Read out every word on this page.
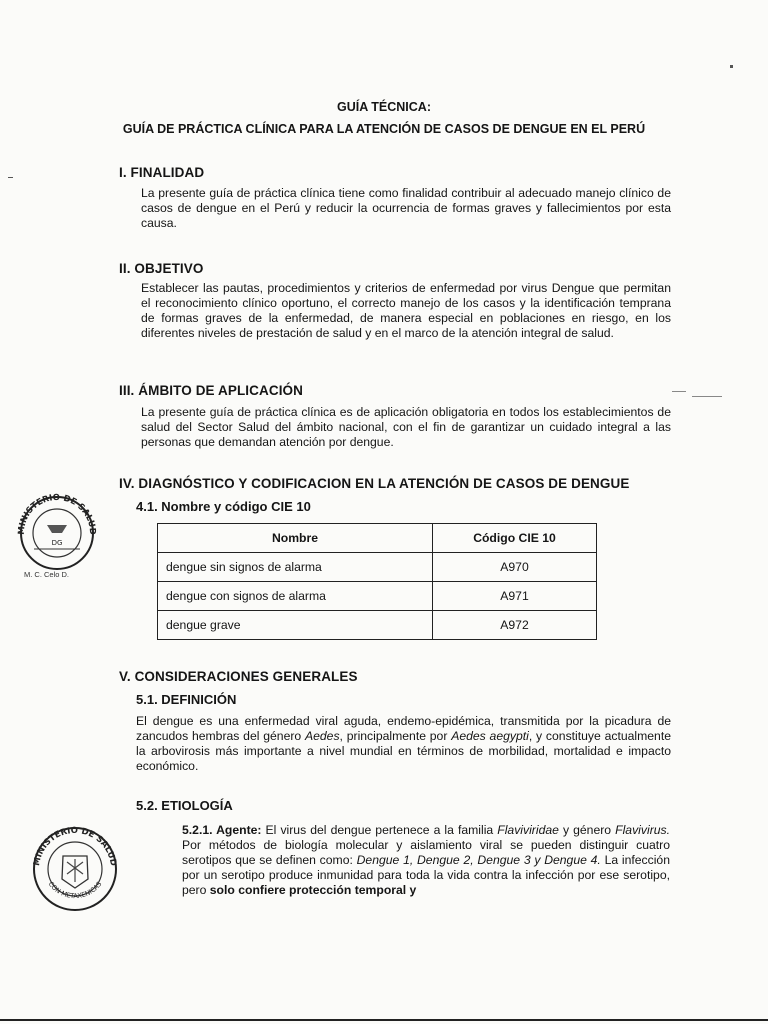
GUÍA TÉCNICA:
GUÍA DE PRÁCTICA CLÍNICA PARA LA ATENCIÓN DE CASOS DE DENGUE EN EL PERÚ
I. FINALIDAD

La presente guía de práctica clínica tiene como finalidad contribuir al adecuado manejo clínico de casos de dengue en el Perú y reducir la ocurrencia de formas graves y fallecimientos por esta causa.

II. OBJETIVO

Establecer las pautas, procedimientos y criterios de enfermedad por virus Dengue que permitan el reconocimiento clínico oportuno, el correcto manejo de los casos y la identificación temprana de formas graves de la enfermedad, de manera especial en poblaciones en riesgo, en los diferentes niveles de prestación de salud y en el marco de la atención integral de salud.

III. ÁMBITO DE APLICACIÓN

La presente guía de práctica clínica es de aplicación obligatoria en todos los establecimientos de salud del Sector Salud del ámbito nacional, con el fin de garantizar un cuidado integral a las personas que demandan atención por dengue.

IV. DIAGNÓSTICO Y CODIFICACION EN LA ATENCIÓN DE CASOS DE DENGUE
4.1. Nombre y código CIE 10
Nombre	Código CIE 10
dengue sin signos de alarma	A970
dengue con signos de alarma	A971
dengue grave	A972
V. CONSIDERACIONES GENERALES
5.1. DEFINICIÓN

El dengue es una enfermedad viral aguda, endemo-epidémica, transmitida por la picadura de zancudos hembras del género Aedes, principalmente por Aedes aegypti, y constituye actualmente la arbovirosis más importante a nivel mundial en términos de morbilidad, mortalidad e impacto económico.

5.2. ETIOLOGÍA

5.2.1. Agente: El virus del dengue pertenece a la familia Flaviviridae y género Flavivirus. Por métodos de biología molecular y aislamiento viral se pueden distinguir cuatro serotipos que se definen como: Dengue 1, Dengue 2, Dengue 3 y Dengue 4. La infección por un serotipo produce inmunidad para toda la vida contra la infección por ese serotipo, pero solo confiere protección temporal y

MINISTERIO DE SALUD
DG
M. C. Celo D.
MINISTERIO DE SALUD
CON METAXENICAS
